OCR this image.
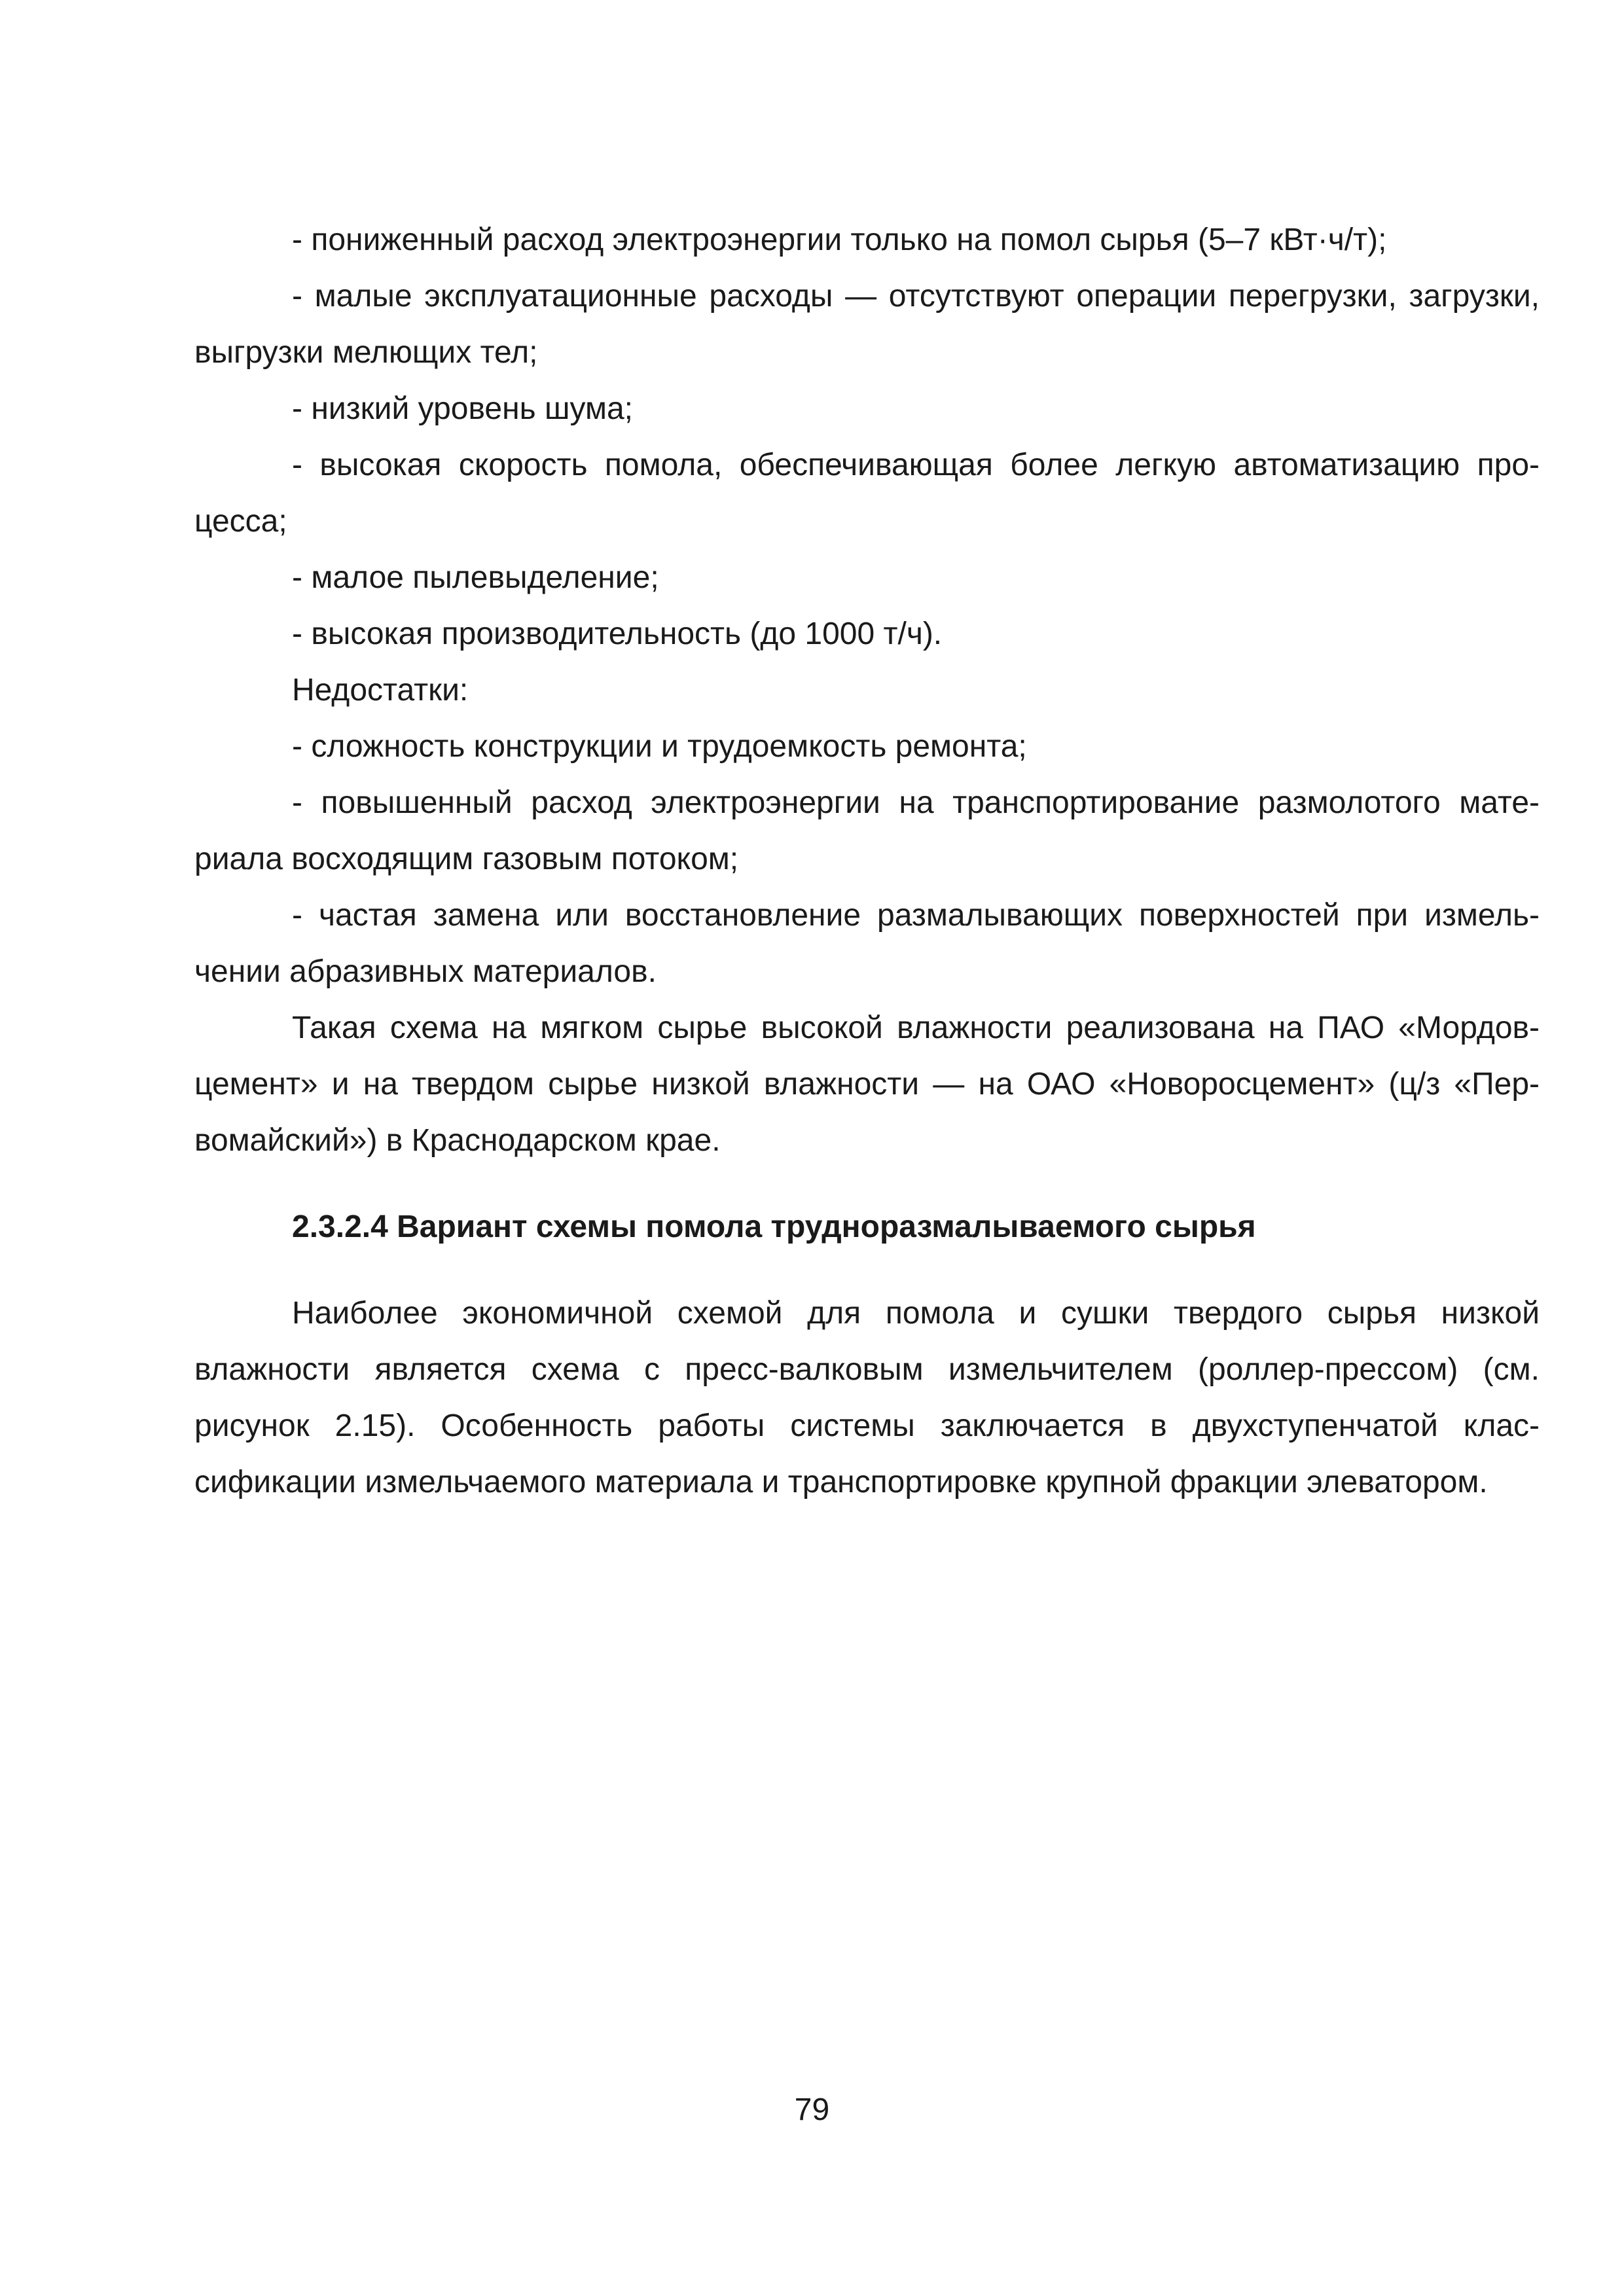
- пониженный расход электроэнергии только на помол сырья (5–7 кВт·ч/т);

- малые эксплуатационные расходы — отсутствуют операции перегрузки, загрузки, выгрузки мелющих тел;

- низкий уровень шума;

- высокая скорость помола, обеспечивающая более легкую автоматизацию процесса;

- малое пылевыделение;

- высокая производительность (до 1000 т/ч).

Недостатки:

- сложность конструкции и трудоемкость ремонта;

- повышенный расход электроэнергии на транспортирование размолотого материала восходящим газовым потоком;

- частая замена или восстановление размалывающих поверхностей при измельчении абразивных материалов.

Такая схема на мягком сырье высокой влажности реализована на ПАО «Мордовцемент» и на твердом сырье низкой влажности — на ОАО «Новоросцемент» (ц/з «Первомайский») в Краснодарском крае.

2.3.2.4 Вариант схемы помола трудноразмалываемого сырья

Наиболее экономичной схемой для помола и сушки твердого сырья низкой влажности является схема с пресс-валковым измельчителем (роллер-прессом) (см. рисунок 2.15). Особенность работы системы заключается в двухступенчатой классификации измельчаемого материала и транспортировке крупной фракции элеватором.

79
